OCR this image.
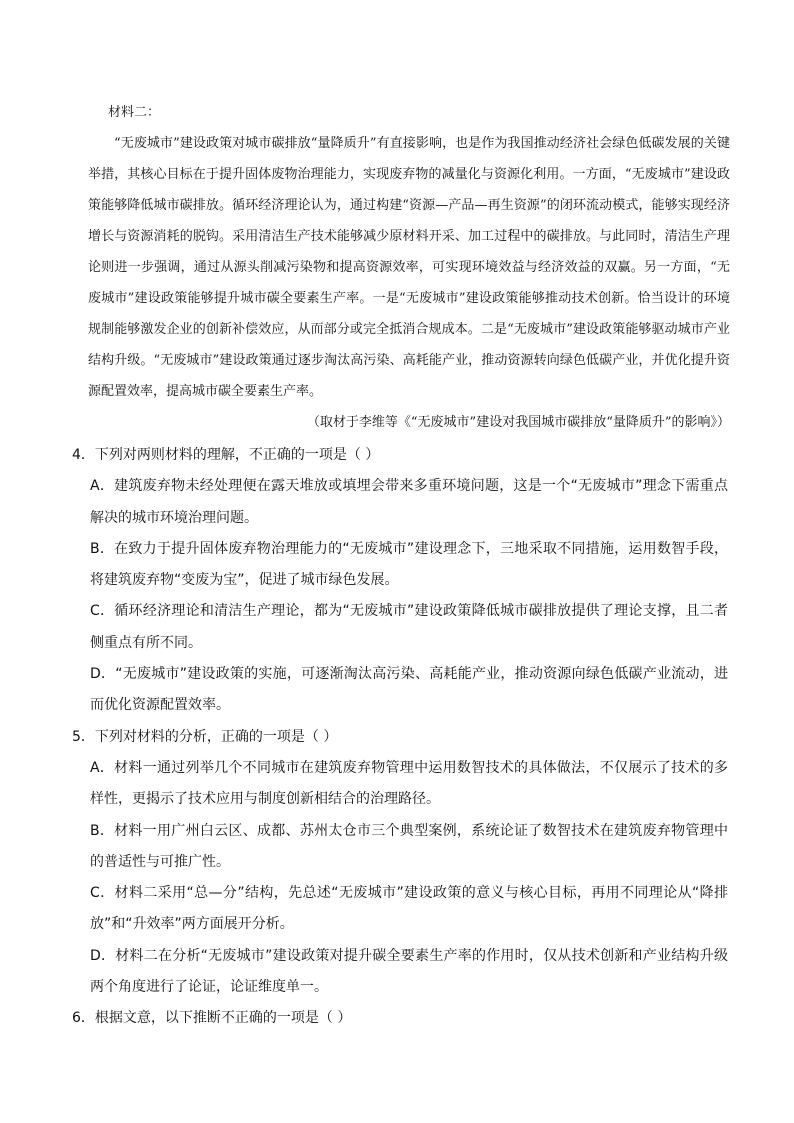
材料二：

“无废城市”建设政策对城市碳排放“量降质升”有直接影响，也是作为我国推动经济社会绿色低碳发展的关键举措，其核心目标在于提升固体废物治理能力，实现废弃物的减量化与资源化利用。一方面，“无废城市”建设政策能够降低城市碳排放。循环经济理论认为，通过构建“资源—产品—再生资源”的闭环流动模式，能够实现经济增长与资源消耗的脱钩。采用清洁生产技术能够减少原材料开采、加工过程中的碳排放。与此同时，清洁生产理论则进一步强调，通过从源头削减污染物和提高资源效率，可实现环境效益与经济效益的双赢。另一方面，“无废城市”建设政策能够提升城市碳全要素生产率。一是“无废城市”建设政策能够推动技术创新。恰当设计的环境规制能够激发企业的创新补偿效应，从而部分或完全抵消合规成本。二是“无废城市”建设政策能够驱动城市产业结构升级。“无废城市”建设政策通过逐步淘汰高污染、高耗能产业，推动资源转向绿色低碳产业，并优化提升资源配置效率，提高城市碳全要素生产率。

（取材于李维等《“无废城市”建设对我国城市碳排放“量降质升”的影响》）

4．下列对两则材料的理解，不正确的一项是（ ）

A．建筑废弃物未经处理便在露天堆放或填埋会带来多重环境问题，这是一个“无废城市”理念下需重点解决的城市环境治理问题。

B．在致力于提升固体废弃物治理能力的“无废城市”建设理念下，三地采取不同措施，运用数智手段，将建筑废弃物“变废为宝”，促进了城市绿色发展。

C．循环经济理论和清洁生产理论，都为“无废城市”建设政策降低城市碳排放提供了理论支撑，且二者侧重点有所不同。

D．“无废城市”建设政策的实施，可逐渐淘汰高污染、高耗能产业，推动资源向绿色低碳产业流动，进而优化资源配置效率。

5．下列对材料的分析，正确的一项是（ ）

A．材料一通过列举几个不同城市在建筑废弃物管理中运用数智技术的具体做法，不仅展示了技术的多样性，更揭示了技术应用与制度创新相结合的治理路径。

B．材料一用广州白云区、成都、苏州太仓市三个典型案例，系统论证了数智技术在建筑废弃物管理中的普适性与可推广性。

C．材料二采用“总—分”结构，先总述“无废城市”建设政策的意义与核心目标，再用不同理论从“降排放”和“升效率”两方面展开分析。

D．材料二在分析“无废城市”建设政策对提升碳全要素生产率的作用时，仅从技术创新和产业结构升级两个角度进行了论证，论证维度单一。

6．根据文意，以下推断不正确的一项是（ ）
